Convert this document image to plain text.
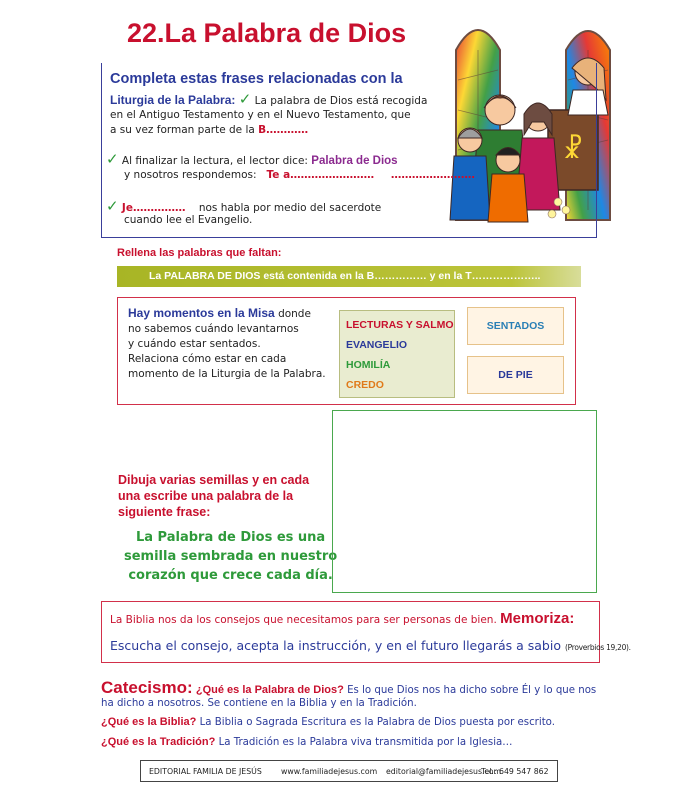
22.La Palabra de Dios
☧
Completa estas frases relacionadas con la
Liturgia de la Palabra: ✓ La palabra de Dios está recogida
en el Antiguo Testamento y en el Nuevo Testamento, que
a su vez forman parte de la B…………
✓ Al finalizar la lectura, el lector dice: Palabra de Dios
y nosotros respondemos: Te a…………………… ……………………
✓ Je…………… nos habla por medio del sacerdote
cuando lee el Evangelio.
Rellena las palabras que faltan:
La PALABRA DE DIOS está contenida en la B…………… y en la T………………..
Hay momentos en la Misa donde
no sabemos cuándo levantarnos
y cuándo estar sentados.
Relaciona cómo estar en cada
momento de la Liturgia de la Palabra.
LECTURAS Y SALMO
EVANGELIO
HOMILÍA
CREDO
SENTADOS
DE PIE
Dibuja varias semillas y en cada
una escribe una palabra de la
siguiente frase:
La Palabra de Dios es una
semilla sembrada en nuestro
corazón que crece cada día.
La Biblia nos da los consejos que necesitamos para ser personas de bien. Memoriza:
Escucha el consejo, acepta la instrucción, y en el futuro llegarás a sabio (Proverbios 19,20).
Catecismo: ¿Qué es la Palabra de Dios? Es lo que Dios nos ha dicho sobre Él y lo que nos
ha dicho a nosotros. Se contiene en la Biblia y en la Tradición.
¿Qué es la Biblia? La Biblia o Sagrada Escritura es la Palabra de Dios puesta por escrito.
¿Qué es la Tradición? La Tradición es la Palabra viva transmitida por la Iglesia…
EDITORIAL FAMILIA DE JESÚS www.familiadejesus.com editorial@familiadejesus.com
Tel.: 649 547 862
